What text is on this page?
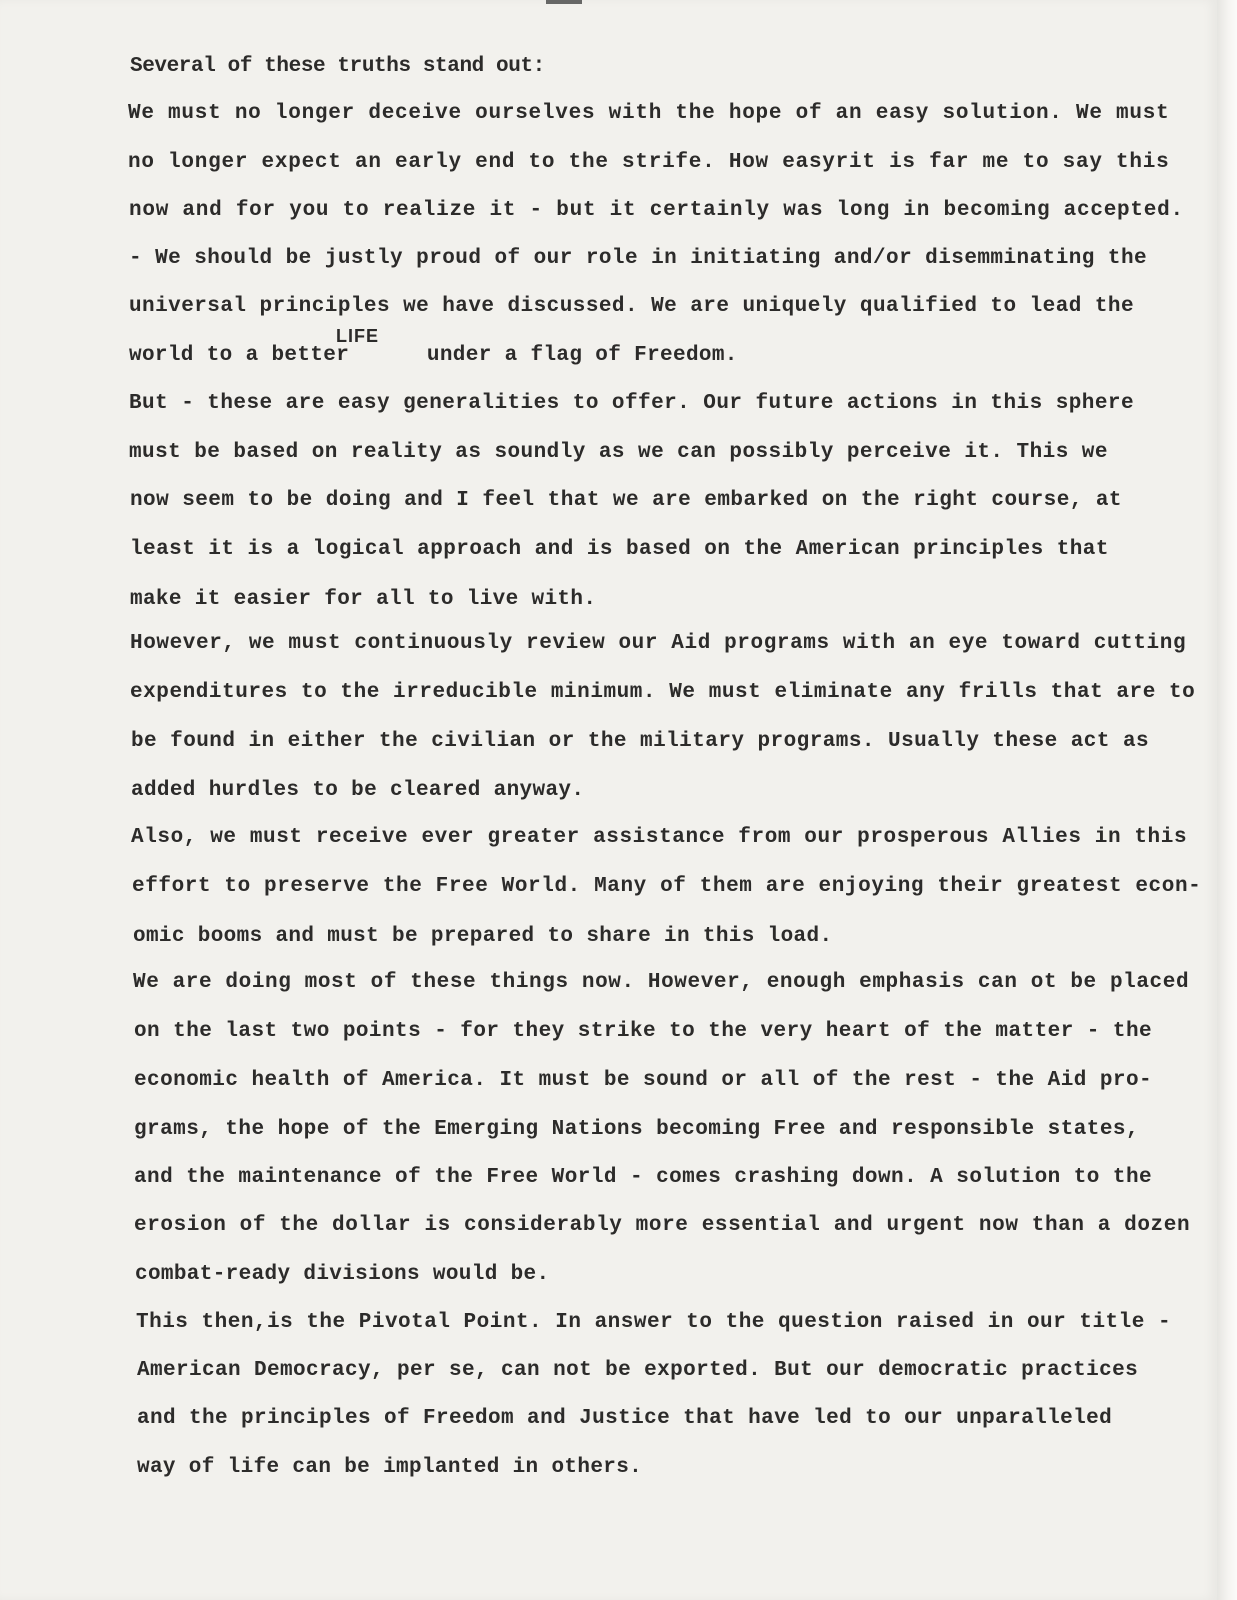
Several of these truths stand out:
We must no longer deceive ourselves with the hope of an easy solution. We must
no longer expect an early end to the strife. How easyrit is far me to say this
now and for you to realize it - but it certainly was long in becoming accepted.
- We should be justly proud of our role in initiating and/or disemminating the
universal principles we have discussed. We are uniquely qualified to lead the
LIFE
world to a better      under a flag of Freedom.
But - these are easy generalities to offer. Our future actions in this sphere
must be based on reality as soundly as we can possibly perceive it. This we
now seem to be doing and I feel that we are embarked on the right course, at
least it is a logical approach and is based on the American principles that
make it easier for all to live with.
However, we must continuously review our Aid programs with an eye toward cutting
expenditures to the irreducible minimum. We must eliminate any frills that are to
be found in either the civilian or the military programs. Usually these act as
added hurdles to be cleared anyway.
Also, we must receive ever greater assistance from our prosperous Allies in this
effort to preserve the Free World. Many of them are enjoying their greatest econ-
omic booms and must be prepared to share in this load.
We are doing most of these things now. However, enough emphasis can ot be placed
on the last two points - for they strike to the very heart of the matter - the
economic health of America. It must be sound or all of the rest - the Aid pro-
grams, the hope of the Emerging Nations becoming Free and responsible states,
and the maintenance of the Free World - comes crashing down. A solution to the
erosion of the dollar is considerably more essential and urgent now than a dozen
combat-ready divisions would be.
This then,is the Pivotal Point. In answer to the question raised in our title -
American Democracy, per se, can not be exported. But our democratic practices
and the principles of Freedom and Justice that have led to our unparalleled
way of life can be implanted in others.
